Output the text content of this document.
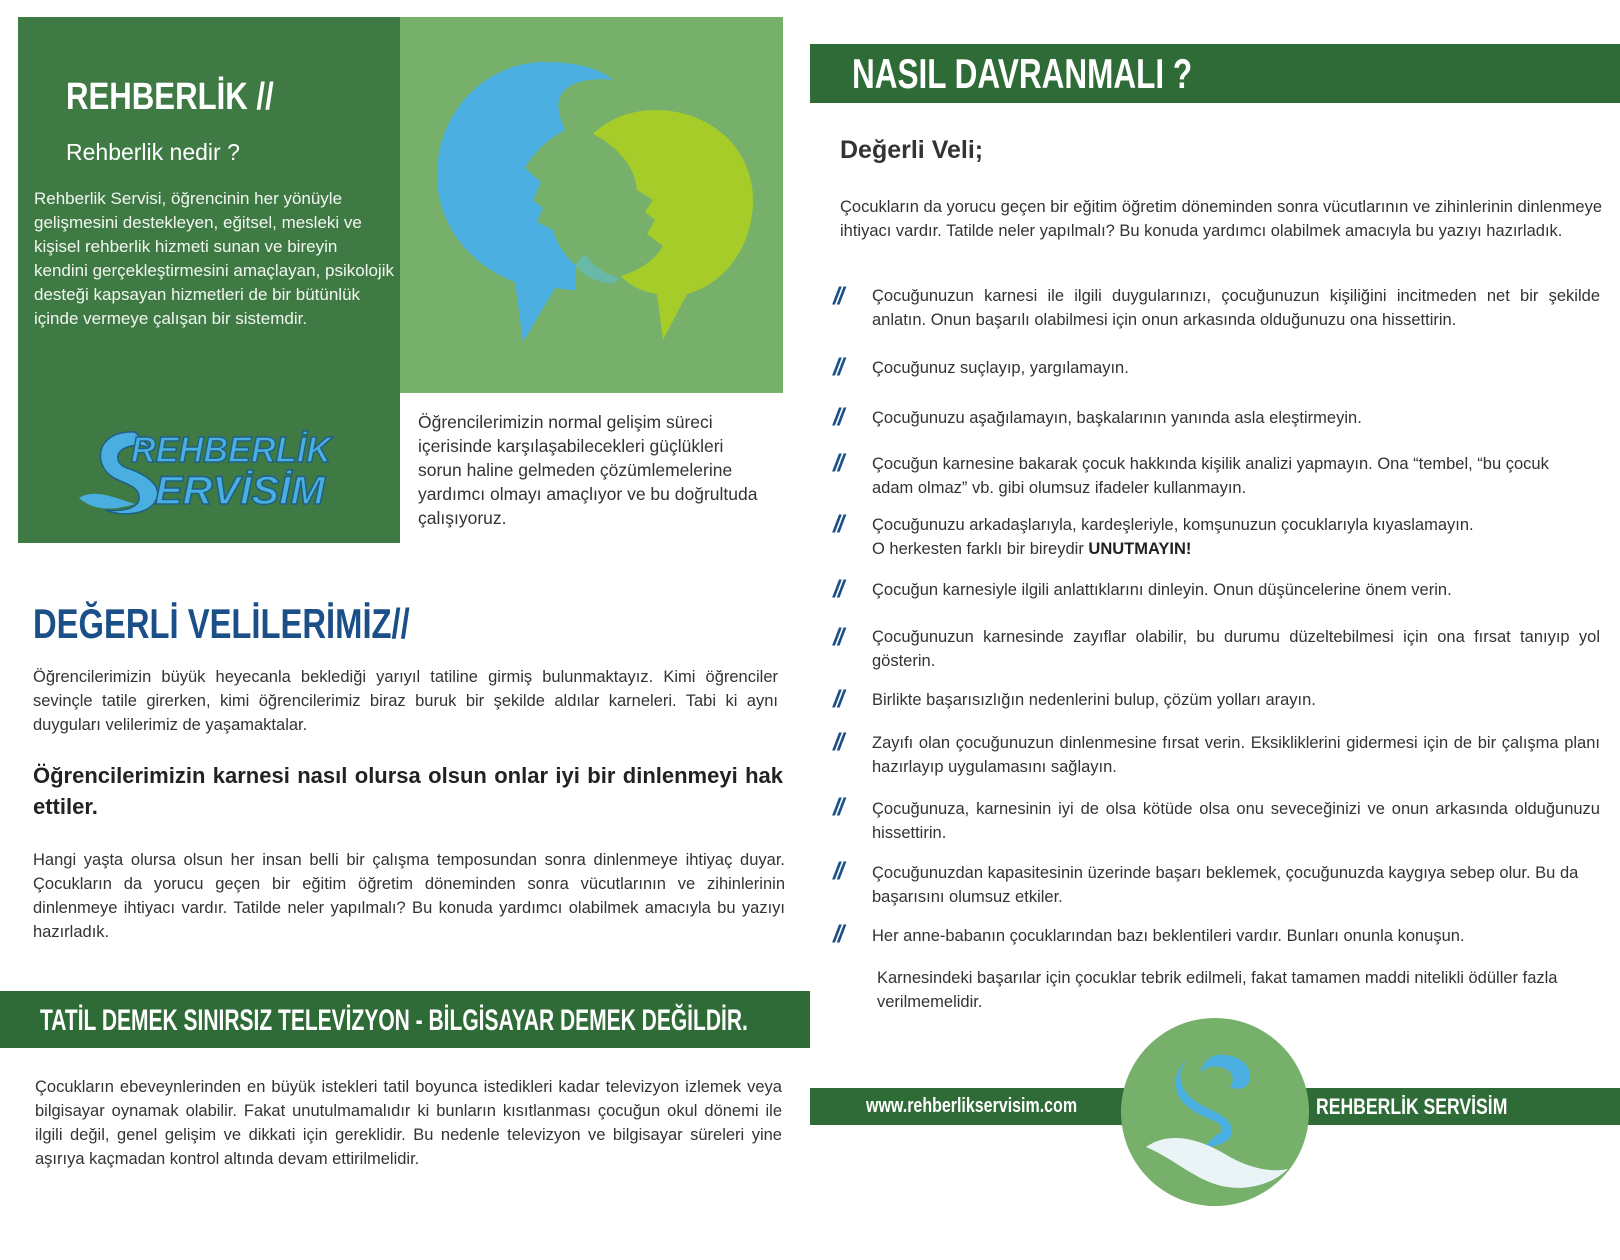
REHBERLİK //
Rehberlik nedir ?

Rehberlik Servisi, öğrencinin her yönüyle gelişmesini destekleyen, eğitsel, mesleki ve kişisel rehberlik hizmeti sunan ve bireyin kendini gerçekleştirmesini amaçlayan, psikolojik desteği kapsayan hizmetleri de bir bütünlük içinde vermeye çalışan bir sistemdir.

REHBERLİK
ERVİSİM

Öğrencilerimizin normal gelişim süreci içerisinde karşılaşabilecekleri güçlükleri sorun haline gelmeden çözümlemelerine yardımcı olmayı amaçlıyor ve bu doğrultuda çalışıyoruz.

DEĞERLİ VELİLERİMİZ//

Öğrencilerimizin büyük heyecanla beklediği yarıyıl tatiline girmiş bulunmaktayız. Kimi öğrenciler sevinçle tatile girerken, kimi öğrencilerimiz biraz buruk bir şekilde aldılar karneleri. Tabi ki aynı duyguları velilerimiz de yaşamaktalar.

Öğrencilerimizin karnesi nasıl olursa olsun onlar iyi bir dinlenmeyi hak ettiler.

Hangi yaşta olursa olsun her insan belli bir çalışma temposundan sonra dinlenmeye ihtiyaç duyar. Çocukların da yorucu geçen bir eğitim öğretim döneminden sonra vücutlarının ve zihinlerinin dinlenmeye ihtiyacı vardır. Tatilde neler yapılmalı? Bu konuda yardımcı olabilmek amacıyla bu yazıyı hazırladık.

TATİL DEMEK SINIRSIZ TELEVİZYON - BİLGİSAYAR DEMEK DEĞİLDİR.

Çocukların ebeveynlerinden en büyük istekleri tatil boyunca istedikleri kadar televizyon izlemek veya bilgisayar oynamak olabilir. Fakat unutulmamalıdır ki bunların kısıtlanması çocuğun okul dönemi ile ilgili değil, genel gelişim ve dikkati için gereklidir. Bu nedenle televizyon ve bilgisayar süreleri yine aşırıya kaçmadan kontrol altında devam ettirilmelidir.

NASIL DAVRANMALI ?
Değerli Veli;

Çocukların da yorucu geçen bir eğitim öğretim döneminden sonra vücutlarının ve zihinlerinin dinlenmeye ihtiyacı vardır. Tatilde neler yapılmalı? Bu konuda yardımcı olabilmek amacıyla bu yazıyı hazırladık.

// Çocuğunuzun karnesi ile ilgili duygularınızı, çocuğunuzun kişiliğini incitmeden net bir şekilde anlatın. Onun başarılı olabilmesi için onun arkasında olduğunuzu ona hissettirin.

// Çocuğunuz suçlayıp, yargılamayın.

// Çocuğunuzu aşağılamayın, başkalarının yanında asla eleştirmeyin.

// Çocuğun karnesine bakarak çocuk hakkında kişilik analizi yapmayın. Ona “tembel, “bu çocuk adam olmaz” vb. gibi olumsuz ifadeler kullanmayın.

// Çocuğunuzu arkadaşlarıyla, kardeşleriyle, komşunuzun çocuklarıyla kıyaslamayın.
O herkesten farklı bir bireydir UNUTMAYIN!

// Çocuğun karnesiyle ilgili anlattıklarını dinleyin. Onun düşüncelerine önem verin.

// Çocuğunuzun karnesinde zayıflar olabilir, bu durumu düzeltebilmesi için ona fırsat tanıyıp yol gösterin.

// Birlikte başarısızlığın nedenlerini bulup, çözüm yolları arayın.

// Zayıfı olan çocuğunuzun dinlenmesine fırsat verin. Eksikliklerini gidermesi için de bir çalışma planı hazırlayıp uygulamasını sağlayın.

// Çocuğunuza, karnesinin iyi de olsa kötüde olsa onu seveceğinizi ve onun arkasında olduğunuzu hissettirin.

// Çocuğunuzdan kapasitesinin üzerinde başarı beklemek, çocuğunuzda kaygıya sebep olur. Bu da başarısını olumsuz etkiler.

// Her anne-babanın çocuklarından bazı beklentileri vardır. Bunları onunla konuşun.

Karnesindeki başarılar için çocuklar tebrik edilmeli, fakat tamamen maddi nitelikli ödüller fazla verilmemelidir.

www.rehberlikservisim.com	REHBERLİK SERVİSİM
